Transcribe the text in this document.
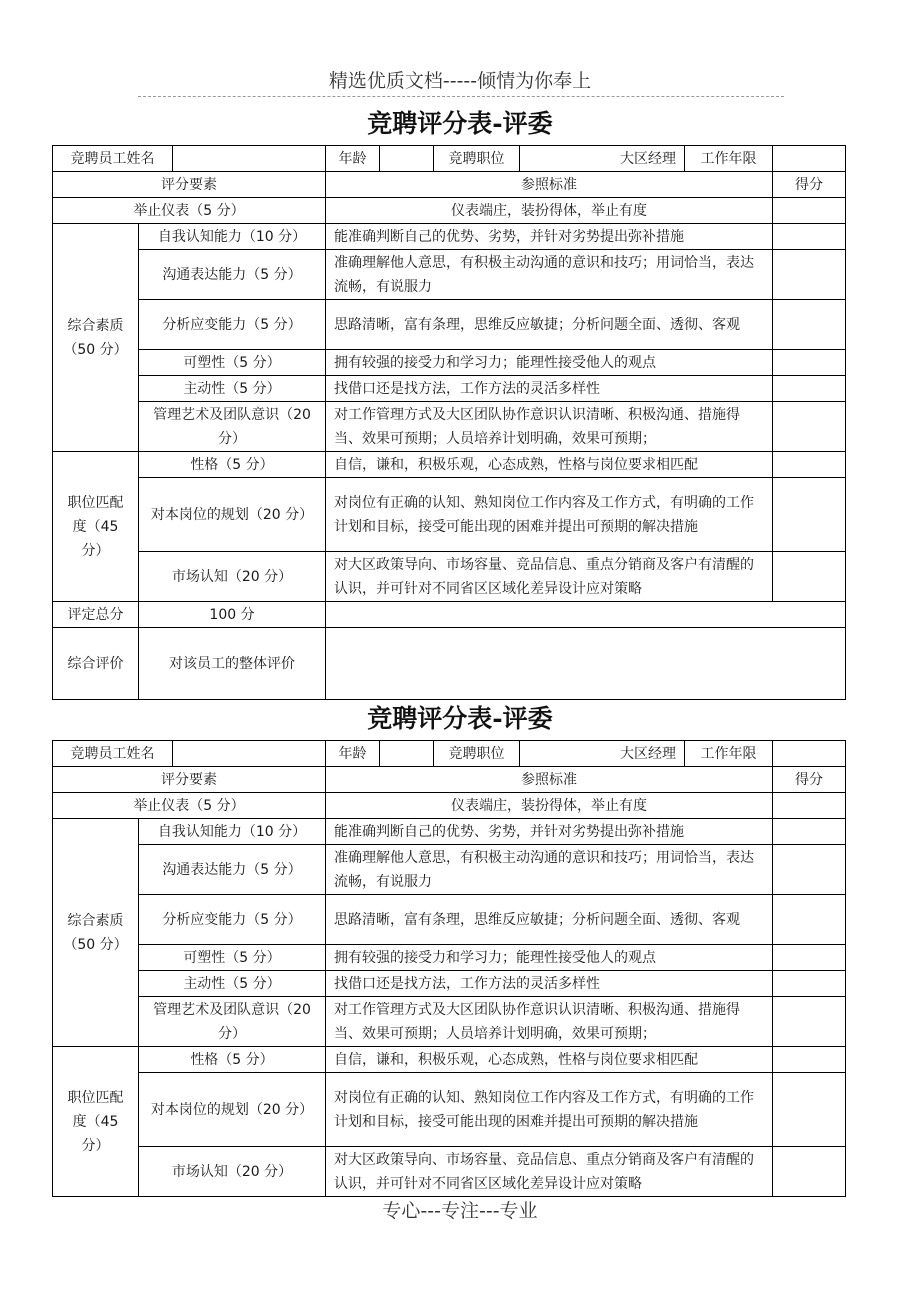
精选优质文档-----倾情为你奉上
竞聘评分表-评委
竞聘员工姓名			年龄		竞聘职位	大区经理	工作年限	
评分要素			参照标准					得分
举止仪表（5 分）			仪表端庄，装扮得体，举止有度					
综合素质（50 分）	自我认知能力（10 分）		能准确判断自己的优势、劣势，并针对劣势提出弥补措施					
	沟通表达能力（5 分）		准确理解他人意思，有积极主动沟通的意识和技巧；用词恰当，表达流畅，有说服力					
	分析应变能力（5 分）		思路清晰，富有条理，思维反应敏捷；分析问题全面、透彻、客观					
	可塑性（5 分）		拥有较强的接受力和学习力；能理性接受他人的观点					
	主动性（5 分）		找借口还是找方法，工作方法的灵活多样性					
	管理艺术及团队意识（20 分）		对工作管理方式及大区团队协作意识认识清晰、积极沟通、措施得当、效果可预期；人员培养计划明确，效果可预期；					
职位匹配度（45 分）	性格（5 分）		自信，谦和，积极乐观，心态成熟，性格与岗位要求相匹配					
	对本岗位的规划（20 分）		对岗位有正确的认知、熟知岗位工作内容及工作方式，有明确的工作计划和目标，接受可能出现的困难并提出可预期的解决措施					
	市场认知（20 分）		对大区政策导向、市场容量、竞品信息、重点分销商及客户有清醒的认识，并可针对不同省区区域化差异设计应对策略					
评定总分	100 分							
综合评价	对该员工的整体评价							
竞聘评分表-评委
竞聘员工姓名			年龄		竞聘职位	大区经理	工作年限	
评分要素			参照标准					得分
举止仪表（5 分）			仪表端庄，装扮得体，举止有度					
综合素质（50 分）	自我认知能力（10 分）		能准确判断自己的优势、劣势，并针对劣势提出弥补措施					
	沟通表达能力（5 分）		准确理解他人意思，有积极主动沟通的意识和技巧；用词恰当，表达流畅，有说服力					
	分析应变能力（5 分）		思路清晰，富有条理，思维反应敏捷；分析问题全面、透彻、客观					
	可塑性（5 分）		拥有较强的接受力和学习力；能理性接受他人的观点					
	主动性（5 分）		找借口还是找方法，工作方法的灵活多样性					
	管理艺术及团队意识（20 分）		对工作管理方式及大区团队协作意识认识清晰、积极沟通、措施得当、效果可预期；人员培养计划明确，效果可预期；					
职位匹配度（45 分）	性格（5 分）		自信，谦和，积极乐观，心态成熟，性格与岗位要求相匹配					
	对本岗位的规划（20 分）		对岗位有正确的认知、熟知岗位工作内容及工作方式，有明确的工作计划和目标，接受可能出现的困难并提出可预期的解决措施					
	市场认知（20 分）		对大区政策导向、市场容量、竞品信息、重点分销商及客户有清醒的认识，并可针对不同省区区域化差异设计应对策略					
专心---专注---专业
